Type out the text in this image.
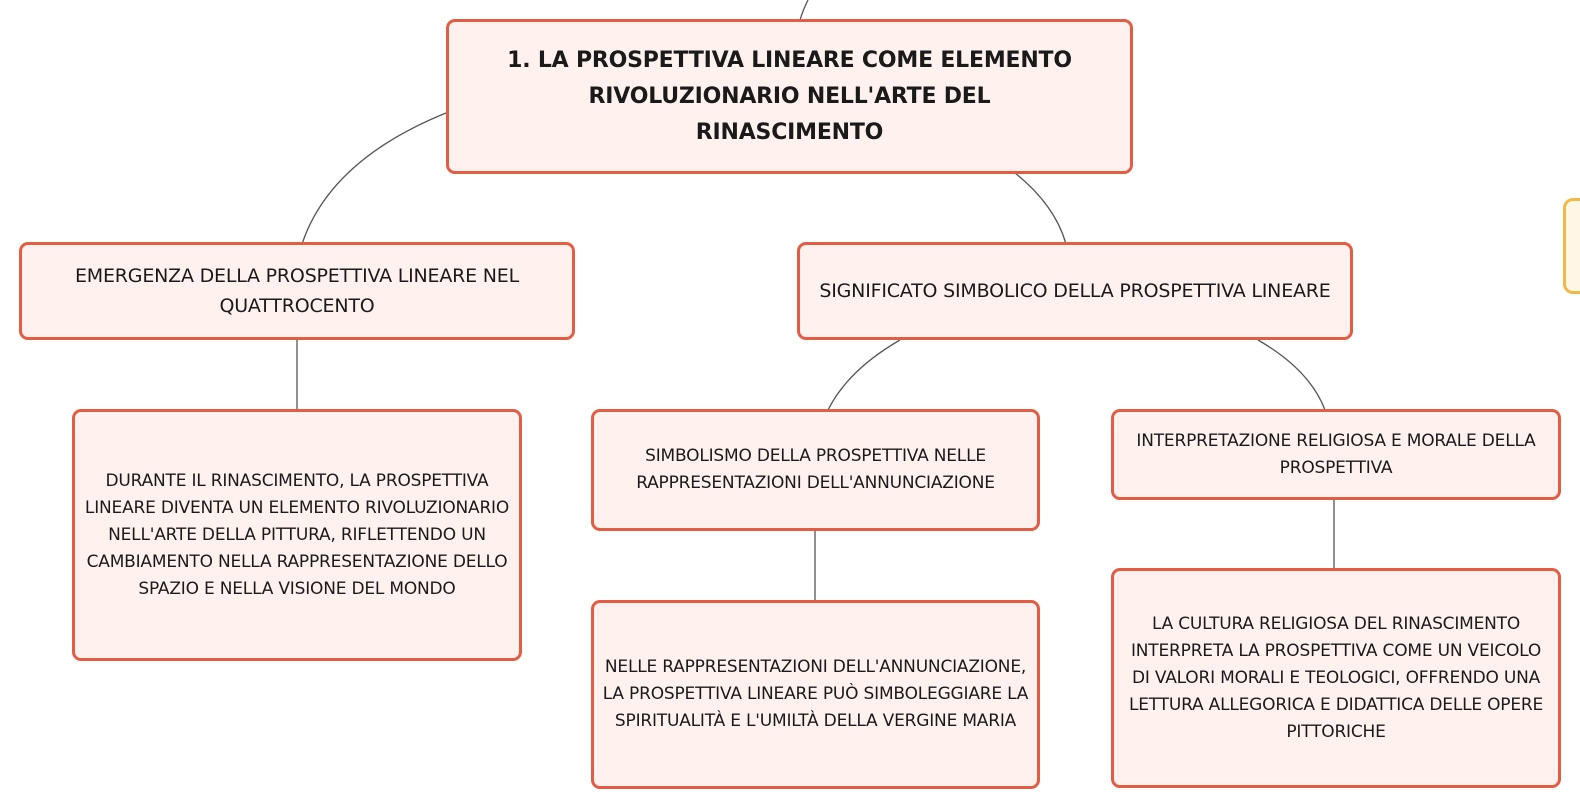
1. LA PROSPETTIVA LINEARE COME ELEMENTO RIVOLUZIONARIO NELL'ARTE DEL RINASCIMENTO
EMERGENZA DELLA PROSPETTIVA LINEARE NEL QUATTROCENTO
SIGNIFICATO SIMBOLICO DELLA PROSPETTIVA LINEARE
DURANTE IL RINASCIMENTO, LA PROSPETTIVA LINEARE DIVENTA UN ELEMENTO RIVOLUZIONARIO NELL'ARTE DELLA PITTURA, RIFLETTENDO UN CAMBIAMENTO NELLA RAPPRESENTAZIONE DELLO SPAZIO E NELLA VISIONE DEL MONDO
SIMBOLISMO DELLA PROSPETTIVA NELLE RAPPRESENTAZIONI DELL'ANNUNCIAZIONE
INTERPRETAZIONE RELIGIOSA E MORALE DELLA PROSPETTIVA
NELLE RAPPRESENTAZIONI DELL'ANNUNCIAZIONE, LA PROSPETTIVA LINEARE PUÒ SIMBOLEGGIARE LA SPIRITUALITÀ E L'UMILTÀ DELLA VERGINE MARIA
LA CULTURA RELIGIOSA DEL RINASCIMENTO INTERPRETA LA PROSPETTIVA COME UN VEICOLO DI VALORI MORALI E TEOLOGICI, OFFRENDO UNA LETTURA ALLEGORICA E DIDATTICA DELLE OPERE PITTORICHE
